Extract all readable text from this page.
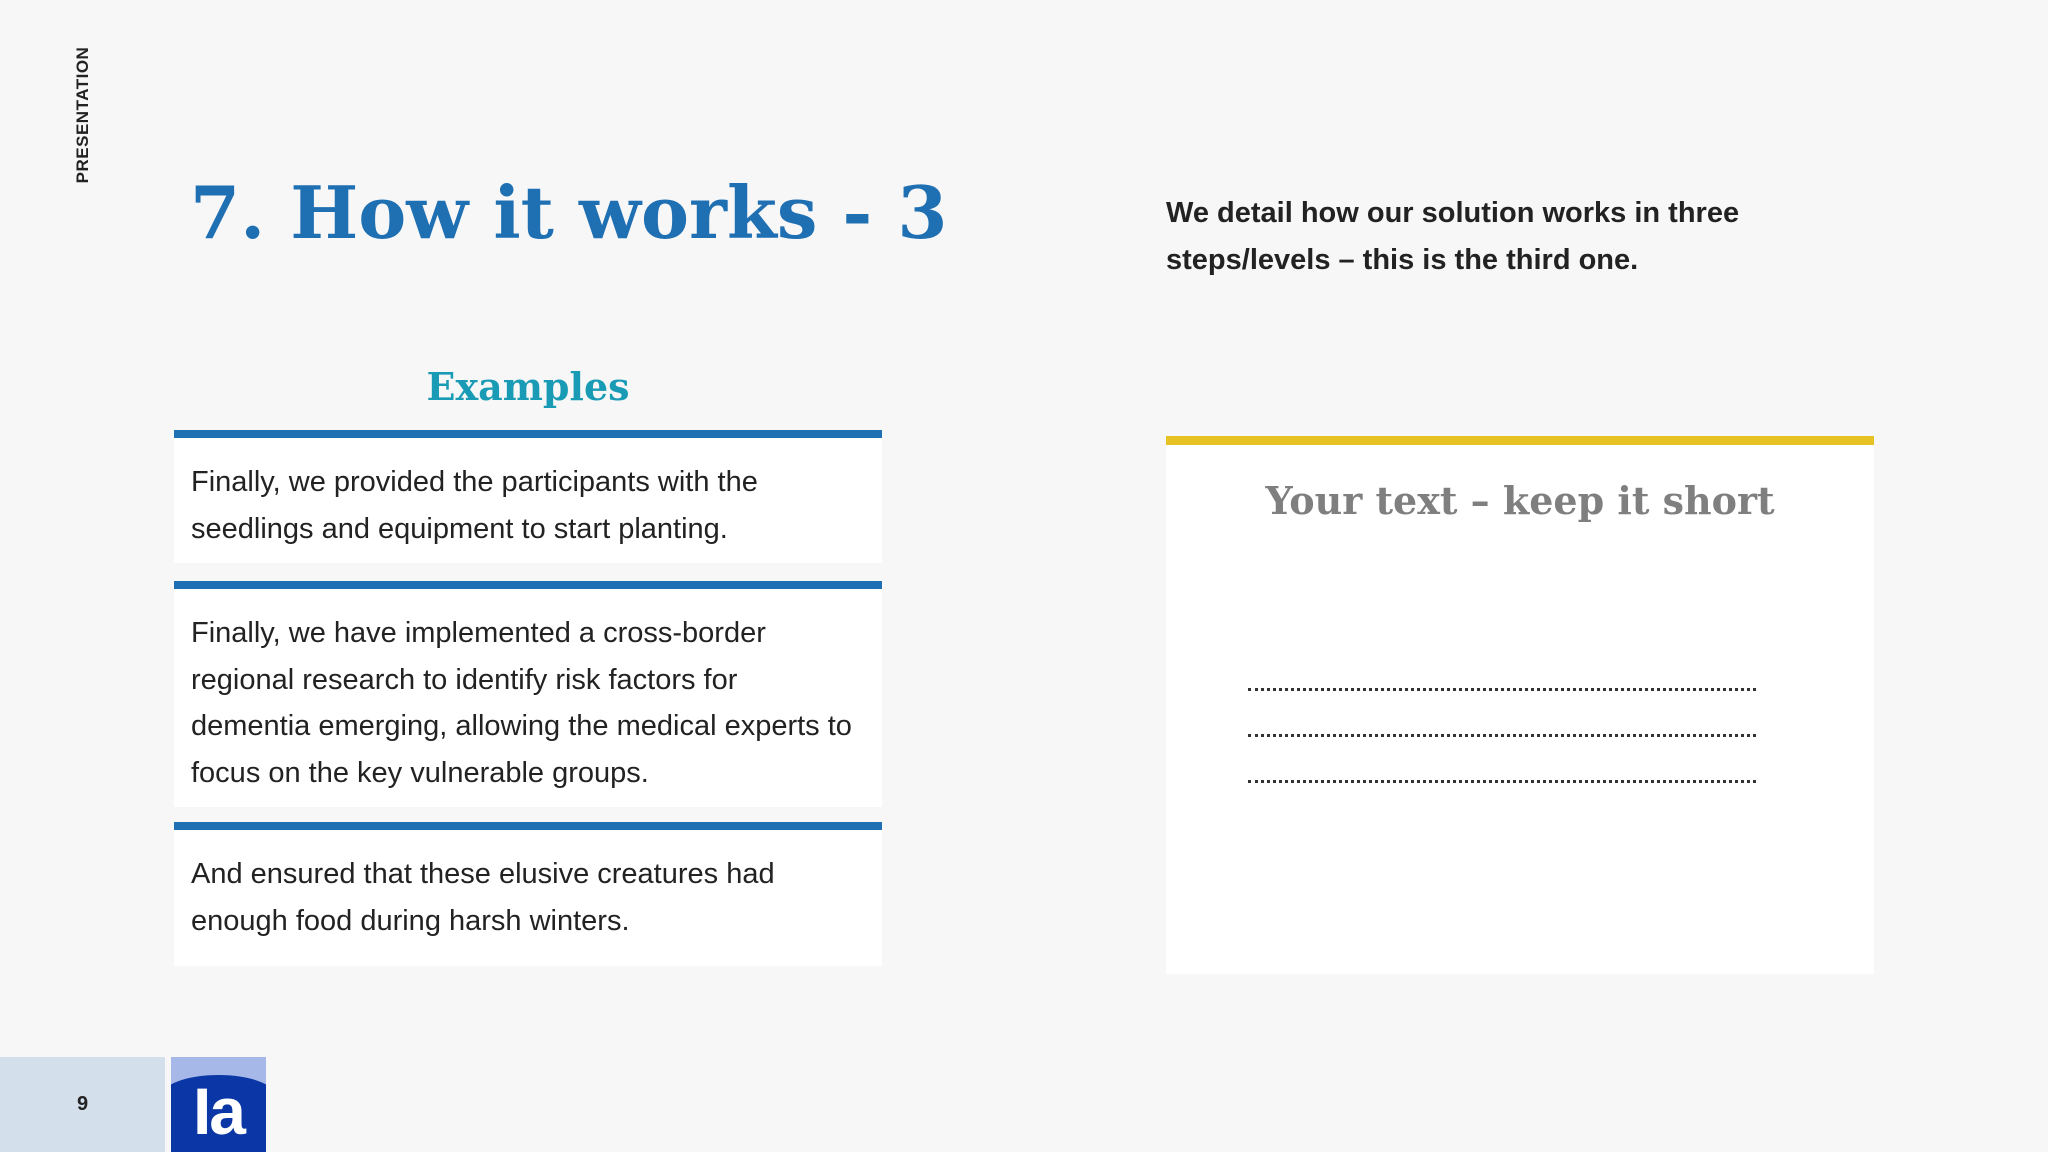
PRESENTATION
7. How it works - 3	We detail how our solution works in three steps/levels – this is the third one.

Examples

Finally, we provided the participants with the seedlings and equipment to start planting.

Finally, we have implemented a cross-border regional research to identify risk factors for dementia emerging, allowing the medical experts to focus on the key vulnerable groups.

And ensured that these elusive creatures had enough food during harsh winters.

Your text – keep it short
9	Ia
